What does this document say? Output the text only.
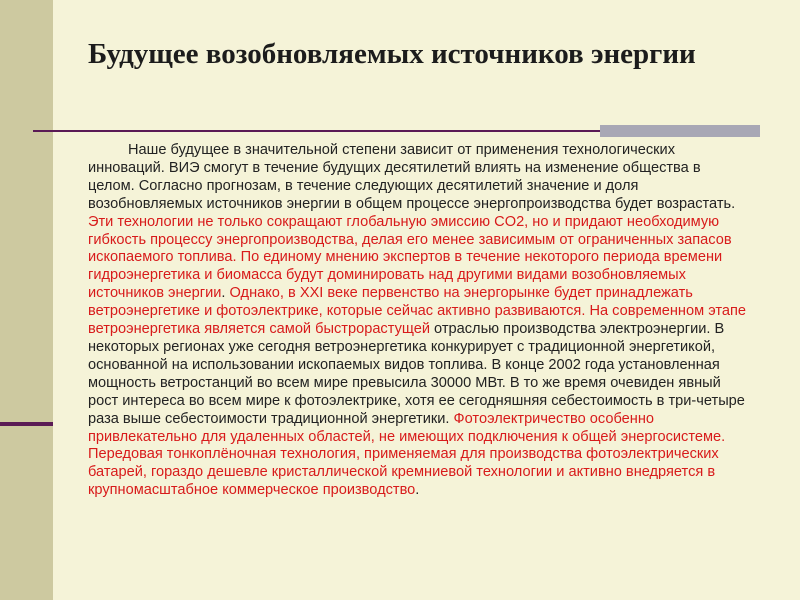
Будущее возобновляемых источников энергии

Наше будущее в значительной степени зависит от применения технологических инноваций. ВИЭ смогут в течение будущих десятилетий влиять на изменение общества в целом. Согласно прогнозам, в течение следующих десятилетий значение и доля возобновляемых источников энергии в общем процессе энергопроизводства будет возрастать. Эти технологии не только сокращают глобальную эмиссию CO2, но и придают необходимую гибкость процессу энергопроизводства, делая его менее зависимым от ограниченных запасов ископаемого топлива. По единому мнению экспертов в течение некоторого периода времени гидроэнергетика и биомасса будут доминировать над другими видами возобновляемых источников энергии. Однако, в XXI веке первенство на энергорынке будет принадлежать ветроэнергетике и фотоэлектрике, которые сейчас активно развиваются. На современном этапе ветроэнергетика является самой быстрорастущей отраслью производства электроэнергии. В некоторых регионах уже сегодня ветроэнергетика конкурирует с традиционной энергетикой, основанной на использовании ископаемых видов топлива. В конце 2002 года установленная мощность ветростанций во всем мире превысила 30000 МВт. В то же время очевиден явный рост интереса во всем мире к фотоэлектрике, хотя ее сегодняшняя себестоимость в три-четыре раза выше себестоимости традиционной энергетики. Фотоэлектричество особенно привлекательно для удаленных областей, не имеющих подключения к общей энергосистеме. Передовая тонкоплёночная технология, применяемая для производства фотоэлектрических батарей, гораздо дешевле кристаллической кремниевой технологии и активно внедряется в крупномасштабное коммерческое производство.
